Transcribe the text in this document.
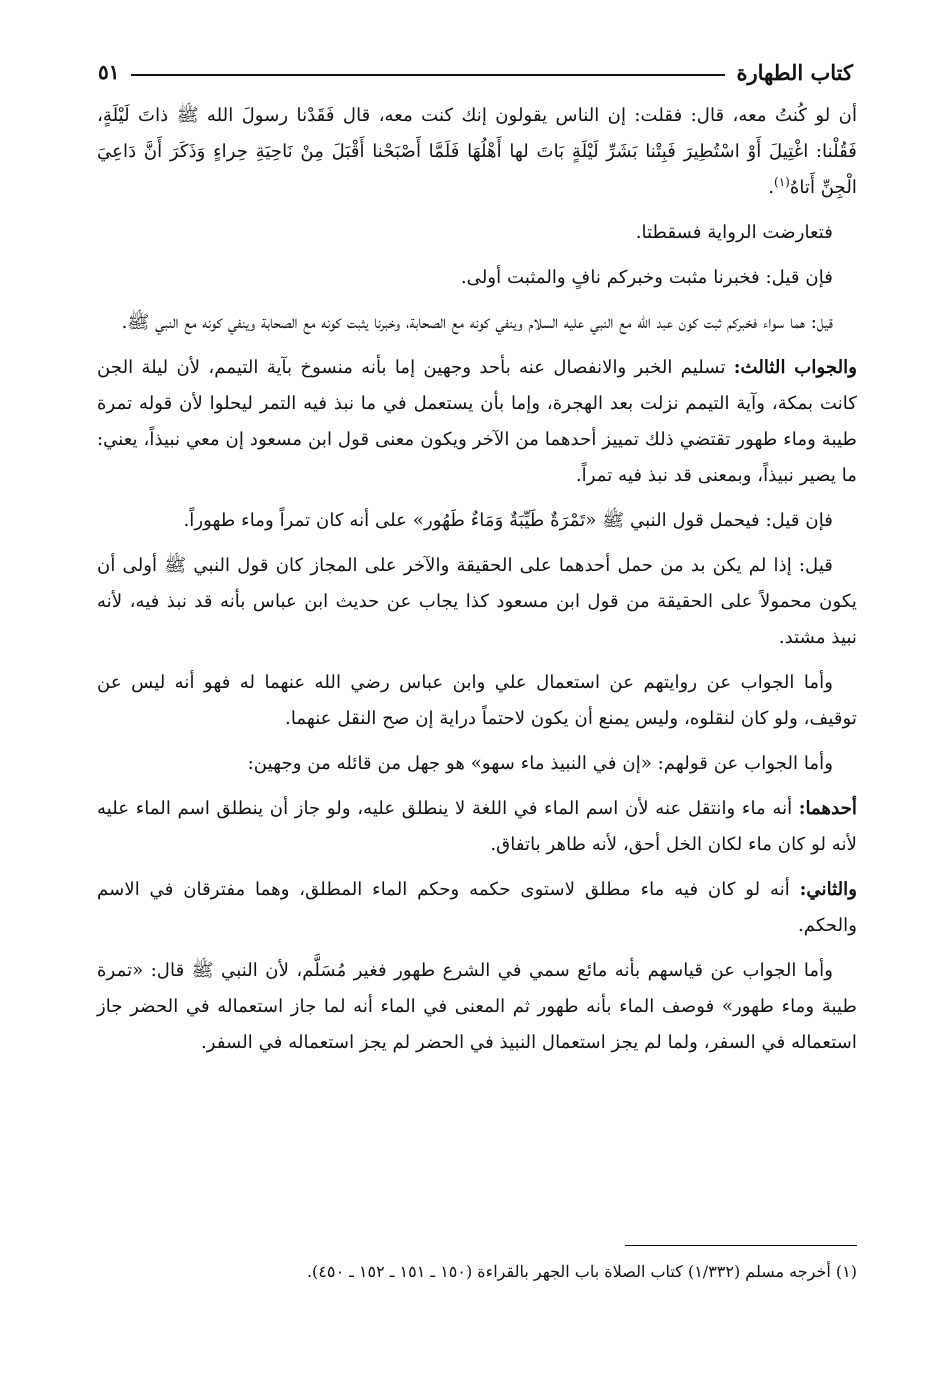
كتاب الطهارة
٥١

أن لو كُنتُ معه، قال: فقلت: إن الناس يقولون إنك كنت معه، قال فَقَدْنا رسولَ الله ﷺ ذاتَ لَيْلَةٍ، فَقُلْنا: اغْتِيلَ أَوْ اسْتُطِيرَ فَبِتْنا بَشَرِّ لَيْلَةٍ بَاتَ لها أَهْلُهَا فَلَمَّا أَصْبَحْنا أَقْبَلَ مِنْ نَاحِيَةِ حِراءٍ وَذَكَرَ أَنَّ دَاعِيَ الْجِنِّ أَتاهُ$^{(١)}$.

فتعارضت الرواية فسقطتا.

فإن قيل: فخبرنا مثبت وخبركم نافٍ والمثبت أولى.

قيل: هما سواء فخبركم ثبت كون عبد الله مع النبي عليه السلام وينفي كونه مع الصحابة، وخبرنا يثبت كونه مع الصحابة وينفي كونه مع النبي ﷺ.

والجواب الثالث: تسليم الخبر والانفصال عنه بأحد وجهين إما بأنه منسوخ بآية التيمم، لأن ليلة الجن كانت بمكة، وآية التيمم نزلت بعد الهجرة، وإما بأن يستعمل في ما نبذ فيه التمر ليحلوا لأن قوله تمرة طيبة وماء طهور تقتضي ذلك تمييز أحدهما من الآخر ويكون معنى قول ابن مسعود إن معي نبيذاً، يعني: ما يصير نبيذاً، وبمعنى قد نبذ فيه تمراً.

فإن قيل: فيحمل قول النبي ﷺ «تَمْرَةٌ طَيِّبَةٌ وَمَاءٌ طَهُور» على أنه كان تمراً وماء طهوراً.

قيل: إذا لم يكن بد من حمل أحدهما على الحقيقة والآخر على المجاز كان قول النبي ﷺ أولى أن يكون محمولاً على الحقيقة من قول ابن مسعود كذا يجاب عن حديث ابن عباس بأنه قد نبذ فيه، لأنه نبيذ مشتد.

وأما الجواب عن روايتهم عن استعمال علي وابن عباس رضي الله عنهما له فهو أنه ليس عن توقيف، ولو كان لنقلوه، وليس يمنع أن يكون لاحتماً دراية إن صح النقل عنهما.

وأما الجواب عن قولهم: «إن في النبيذ ماء سهو» هو جهل من قائله من وجهين:

أحدهما: أنه ماء وانتقل عنه لأن اسم الماء في اللغة لا ينطلق عليه، ولو جاز أن ينطلق اسم الماء عليه لأنه لو كان ماء لكان الخل أحق، لأنه طاهر باتفاق.

والثاني: أنه لو كان فيه ماء مطلق لاستوى حكمه وحكم الماء المطلق، وهما مفترقان في الاسم والحكم.

وأما الجواب عن قياسهم بأنه مائع سمي في الشرع طهور فغير مُسَلَّم، لأن النبي ﷺ قال: «تمرة طيبة وماء طهور» فوصف الماء بأنه طهور ثم المعنى في الماء أنه لما جاز استعماله في الحضر جاز استعماله في السفر، ولما لم يجز استعمال النبيذ في الحضر لم يجز استعماله في السفر.

(١) أخرجه مسلم (١/٣٣٢) كتاب الصلاة باب الجهر بالقراءة (١٥٠ ـ ١٥١ ـ ١٥٢ ـ ٤٥٠).
